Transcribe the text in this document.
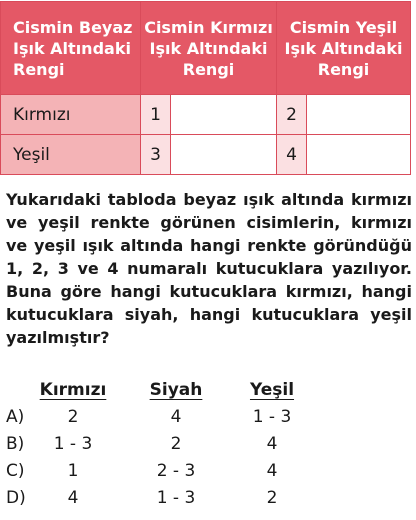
Cismin Beyaz
Işık Altındaki
Rengi	Cismin Kırmızı
Işık Altındaki
Rengi		Cismin Yeşil
Işık Altındaki
Rengi	

Kırmızı	1		2	
Yeşil	3		4	
Yukarıdaki tabloda beyaz ışık altında kırmızı ve yeşil renkte görünen cisimlerin, kırmızı ve yeşil ışık altında hangi renkte göründüğü 1, 2, 3 ve 4 numaralı kutucuklara yazılıyor. Buna göre hangi kutucuklara kırmızı, hangi kutucuklara siyah, hangi kutucuklara yeşil yazılmıştır?
Kırmızı	Siyah	Yeşil
A)	2	4	1 - 3
B)	1 - 3	2	4
C)	1	2 - 3	4
D)	4	1 - 3	2
